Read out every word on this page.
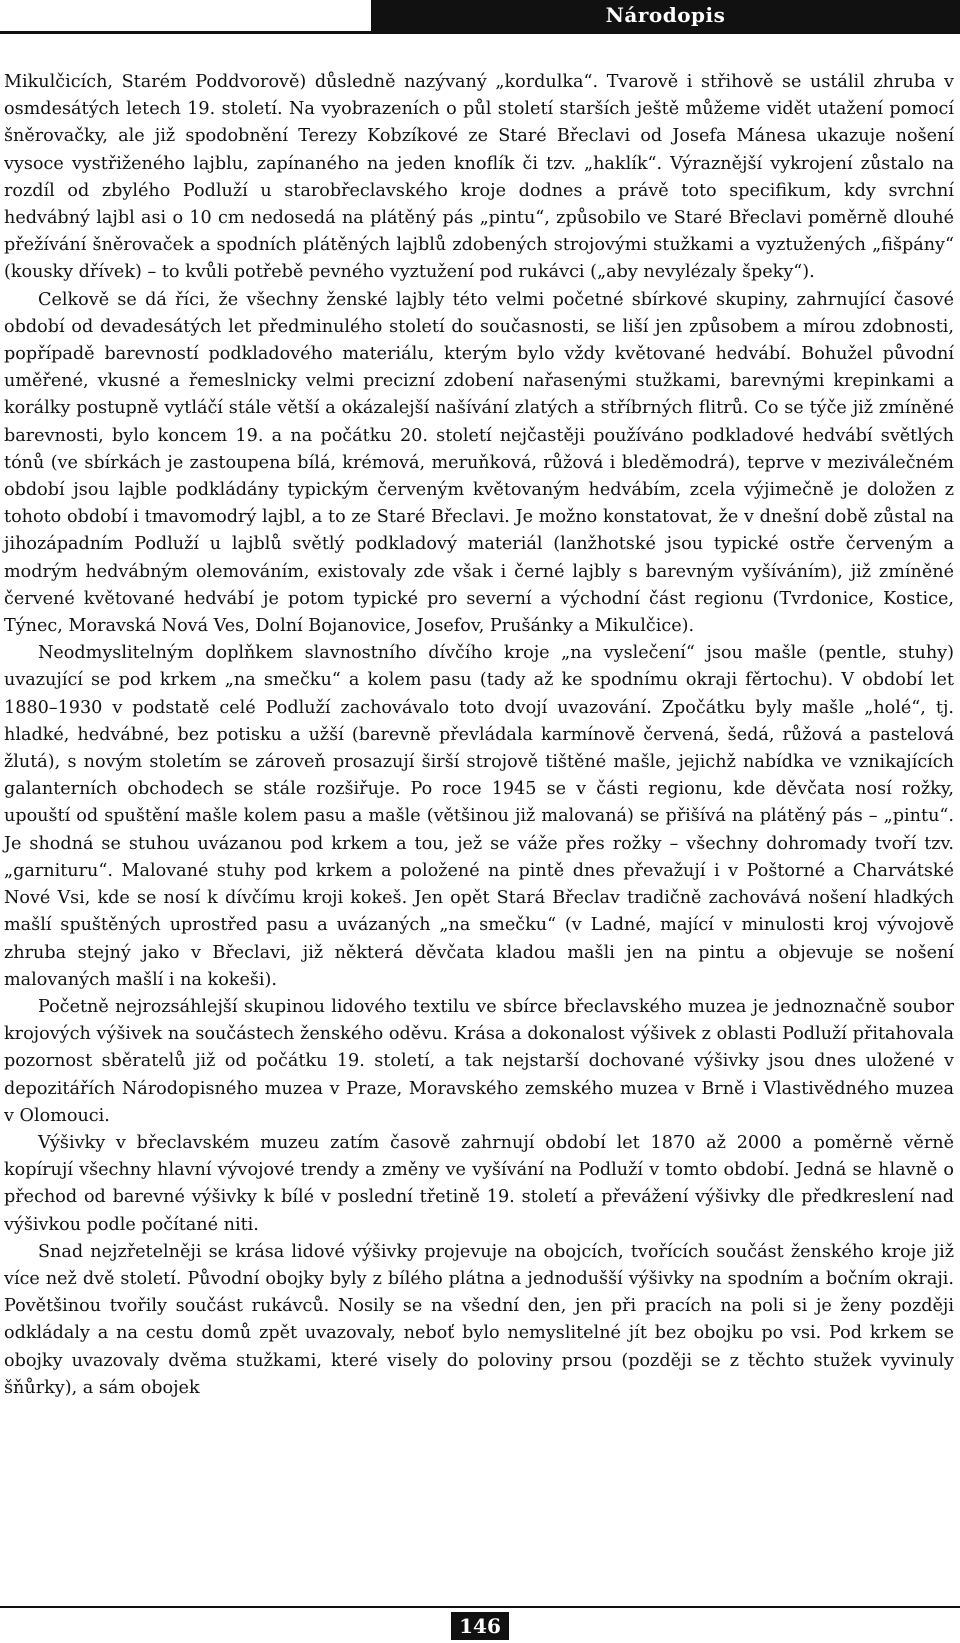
Národopis

Mikulčicích, Starém Poddvorově) důsledně nazývaný „kordulka“. Tvarově i střihově se ustálil zhruba v osmdesátých letech 19. století. Na vyobrazeních o půl století starších ještě můžeme vidět utažení pomocí šněrovačky, ale již spodobnění Terezy Kobzíkové ze Staré Břeclavi od Josefa Mánesa ukazuje nošení vysoce vystřiženého lajblu, zapínaného na jeden knoflík či tzv. „haklík“. Výraznější vykrojení zůstalo na rozdíl od zbylého Podluží u starobřeclavského kroje dodnes a právě toto specifikum, kdy svrchní hedvábný lajbl asi o 10 cm nedosedá na plátěný pás „pintu“, způsobilo ve Staré Břeclavi poměrně dlouhé přežívání šněrovaček a spodních plátěných lajblů zdobených strojovými stužkami a vyztužených „fišpány“ (kousky dřívek) – to kvůli potřebě pevného vyztužení pod rukávci („aby nevylézaly špeky“).

Celkově se dá říci, že všechny ženské lajbly této velmi početné sbírkové skupiny, zahrnující časové období od devadesátých let předminulého století do současnosti, se liší jen způsobem a mírou zdobnosti, popřípadě barevností podkladového materiálu, kterým bylo vždy květované hedvábí. Bohužel původní uměřené, vkusné a řemeslnicky velmi precizní zdobení nařasenými stužkami, barevnými krepinkami a korálky postupně vytláčí stále větší a okázalejší našívání zlatých a stříbrných flitrů. Co se týče již zmíněné barevnosti, bylo koncem 19. a na počátku 20. století nejčastěji používáno podkladové hedvábí světlých tónů (ve sbírkách je zastoupena bílá, krémová, meruňková, růžová i bleděmodrá), teprve v meziválečném období jsou lajble podkládány typickým červeným květovaným hedvábím, zcela výjimečně je doložen z tohoto období i tmavomodrý lajbl, a to ze Staré Břeclavi. Je možno konstatovat, že v dnešní době zůstal na jihozápadním Podluží u lajblů světlý podkladový materiál (lanžhotské jsou typické ostře červeným a modrým hedvábným olemováním, existovaly zde však i černé lajbly s barevným vyšíváním), již zmíněné červené květované hedvábí je potom typické pro severní a východní část regionu (Tvrdonice, Kostice, Týnec, Moravská Nová Ves, Dolní Bojanovice, Josefov, Prušánky a Mikulčice).

Neodmyslitelným doplňkem slavnostního dívčího kroje „na vyslečení“ jsou mašle (pentle, stuhy) uvazující se pod krkem „na smečku“ a kolem pasu (tady až ke spodnímu okraji fěrtochu). V období let 1880–1930 v podstatě celé Podluží zachovávalo toto dvojí uvazování. Zpočátku byly mašle „holé“, tj. hladké, hedvábné, bez potisku a užší (barevně převládala karmínově červená, šedá, růžová a pastelová žlutá), s novým stoletím se zároveň prosazují širší strojově tištěné mašle, jejichž nabídka ve vznikajících galanterních obchodech se stále rozšiřuje. Po roce 1945 se v části regionu, kde děvčata nosí rožky, upouští od spuštění mašle kolem pasu a mašle (většinou již malovaná) se přišívá na plátěný pás – „pintu“. Je shodná se stuhou uvázanou pod krkem a tou, jež se váže přes rožky – všechny dohromady tvoří tzv. „garnituru“. Malované stuhy pod krkem a položené na pintě dnes převažují i v Poštorné a Charvátské Nové Vsi, kde se nosí k dívčímu kroji kokeš. Jen opět Stará Břeclav tradičně zachovává nošení hladkých mašlí spuštěných uprostřed pasu a uvázaných „na smečku“ (v Ladné, mající v minulosti kroj vývojově zhruba stejný jako v Břeclavi, již některá děvčata kladou mašli jen na pintu a objevuje se nošení malovaných mašlí i na kokeši).

Početně nejrozsáhlejší skupinou lidového textilu ve sbírce břeclavského muzea je jednoznačně soubor krojových výšivek na součástech ženského oděvu. Krása a dokonalost výšivek z oblasti Podluží přitahovala pozornost sběratelů již od počátku 19. století, a tak nejstarší dochované výšivky jsou dnes uložené v depozitářích Národopisného muzea v Praze, Moravského zemského muzea v Brně i Vlastivědného muzea v Olomouci.

Výšivky v břeclavském muzeu zatím časově zahrnují období let 1870 až 2000 a poměrně věrně kopírují všechny hlavní vývojové trendy a změny ve vyšívání na Podluží v tomto období. Jedná se hlavně o přechod od barevné výšivky k bílé v poslední třetině 19. století a převážení výšivky dle předkreslení nad výšivkou podle počítané niti.

Snad nejzřetelněji se krása lidové výšivky projevuje na obojcích, tvořících součást ženského kroje již více než dvě století. Původní obojky byly z bílého plátna a jednodušší výšivky na spodním a bočním okraji. Povětšinou tvořily součást rukávců. Nosily se na všední den, jen při pracích na poli si je ženy později odkládaly a na cestu domů zpět uvazovaly, neboť bylo nemyslitelné jít bez obojku po vsi. Pod krkem se obojky uvazovaly dvěma stužkami, které visely do poloviny prsou (později se z těchto stužek vyvinuly šňůrky), a sám obojek

146
